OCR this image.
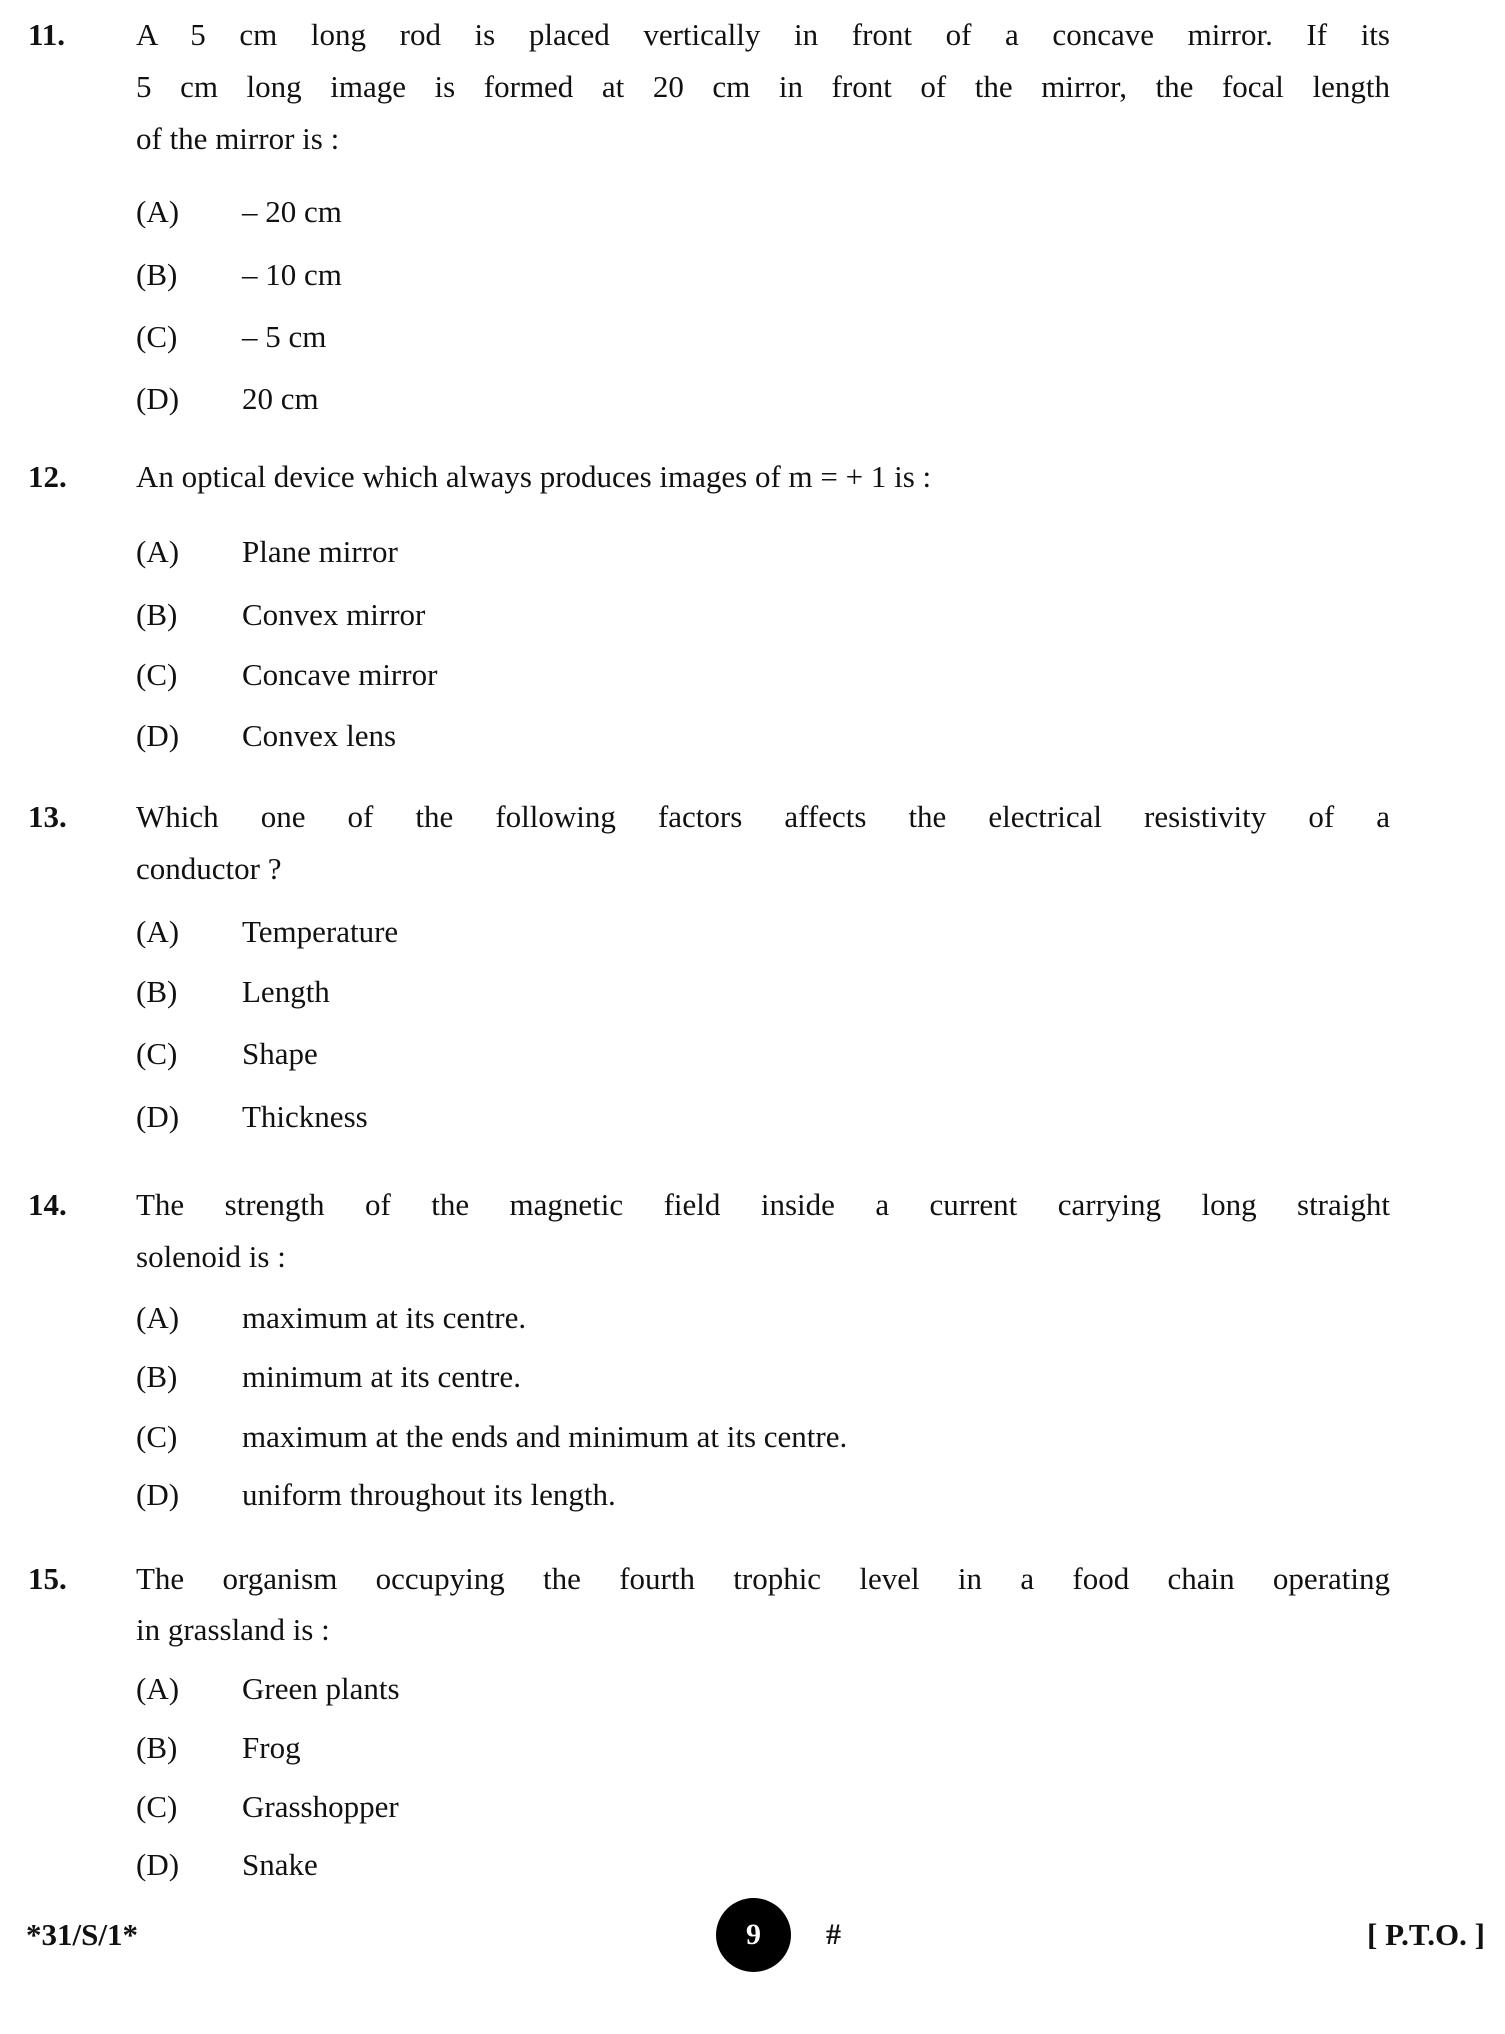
11. A 5 cm long rod is placed vertically in front of a concave mirror. If its
5 cm long image is formed at 20 cm in front of the mirror, the focal length
of the mirror is :
(A) – 20 cm
(B) – 10 cm
(C) – 5 cm
(D) 20 cm
12. An optical device which always produces images of m = + 1 is :
(A) Plane mirror
(B) Convex mirror
(C) Concave mirror
(D) Convex lens
13. Which one of the following factors affects the electrical resistivity of a
conductor ?
(A) Temperature
(B) Length
(C) Shape
(D) Thickness
14. The strength of the magnetic field inside a current carrying long straight
solenoid is :
(A) maximum at its centre.
(B) minimum at its centre.
(C) maximum at the ends and minimum at its centre.
(D) uniform throughout its length.
15. The organism occupying the fourth trophic level in a food chain operating
in grassland is :
(A) Green plants
(B) Frog
(C) Grasshopper
(D) Snake
*31/S/1*	9 #	[ P.T.O. ]
